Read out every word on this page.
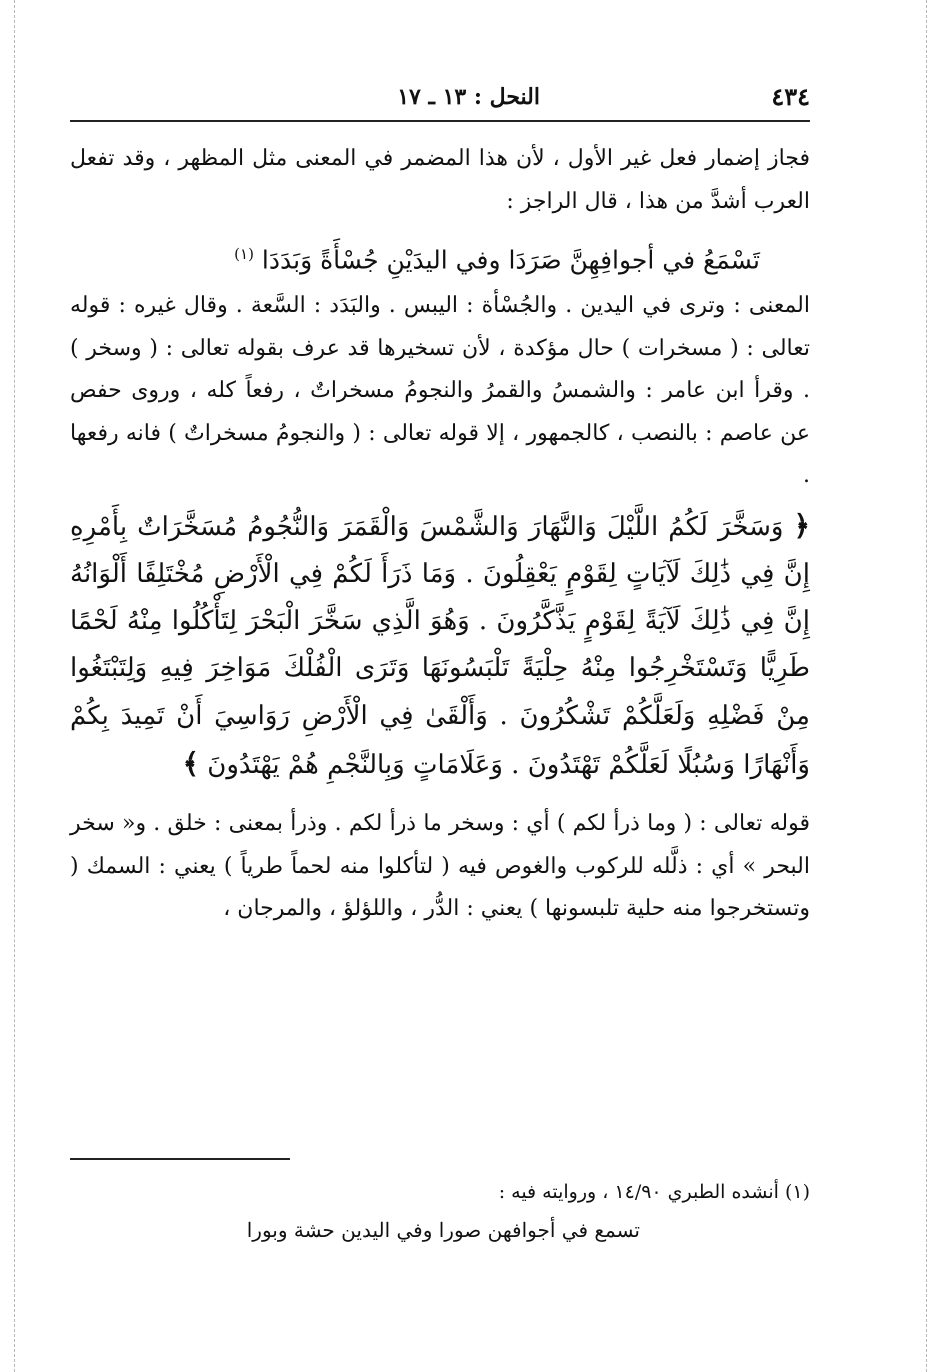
٤٣٤
النحل : ١٣ ـ ١٧

فجاز إضمار فعل غير الأول ، لأن هذا المضمر في المعنى مثل المظهر ، وقد تفعل العرب أشدَّ من هذا ، قال الراجز :

تَسْمَعُ في أجوافِهِنَّ صَرَدَا وفي اليدَيْنِ جُسْأَةً وَبَدَدَا $^{(١)}$

المعنى : وترى في اليدين . والجُسْأة : اليبس . والبَدَد : السَّعة . وقال غيره : قوله تعالى : ( مسخرات ) حال مؤكدة ، لأن تسخيرها قد عرف بقوله تعالى : ( وسخر ) . وقرأ ابن عامر : والشمسُ والقمرُ والنجومُ مسخراتٌ ، رفعاً كله ، وروى حفص عن عاصم : بالنصب ، كالجمهور ، إلا قوله تعالى : ( والنجومُ مسخراتٌ ) فانه رفعها .

﴿ وَسَخَّرَ لَكُمُ اللَّيْلَ وَالنَّهَارَ وَالشَّمْسَ وَالْقَمَرَ وَالنُّجُومُ مُسَخَّرَاتٌ بِأَمْرِهِ إِنَّ فِي ذَٰلِكَ لَآيَاتٍ لِقَوْمٍ يَعْقِلُونَ . وَمَا ذَرَأَ لَكُمْ فِي الْأَرْضِ مُخْتَلِفًا أَلْوَانُهُ إِنَّ فِي ذَٰلِكَ لَآيَةً لِقَوْمٍ يَذَّكَّرُونَ . وَهُوَ الَّذِي سَخَّرَ الْبَحْرَ لِتَأْكُلُوا مِنْهُ لَحْمًا طَرِيًّا وَتَسْتَخْرِجُوا مِنْهُ حِلْيَةً تَلْبَسُونَهَا وَتَرَى الْفُلْكَ مَوَاخِرَ فِيهِ وَلِتَبْتَغُوا مِنْ فَضْلِهِ وَلَعَلَّكُمْ تَشْكُرُونَ . وَأَلْقَىٰ فِي الْأَرْضِ رَوَاسِيَ أَنْ تَمِيدَ بِكُمْ وَأَنْهَارًا وَسُبُلًا لَعَلَّكُمْ تَهْتَدُونَ . وَعَلَامَاتٍ وَبِالنَّجْمِ هُمْ يَهْتَدُونَ ﴾

قوله تعالى : ( وما ذرأ لكم ) أي : وسخر ما ذرأ لكم . وذرأ بمعنى : خلق . و« سخر البحر » أي : ذلَّله للركوب والغوص فيه ( لتأكلوا منه لحماً طرياً ) يعني : السمك ( وتستخرجوا منه حلية تلبسونها ) يعني : الدُّر ، واللؤلؤ ، والمرجان ،

(١) أنشده الطبري ١٤/٩٠ ، وروايته فيه :

تسمع في أجوافهن صورا وفي اليدين حشة وبورا
